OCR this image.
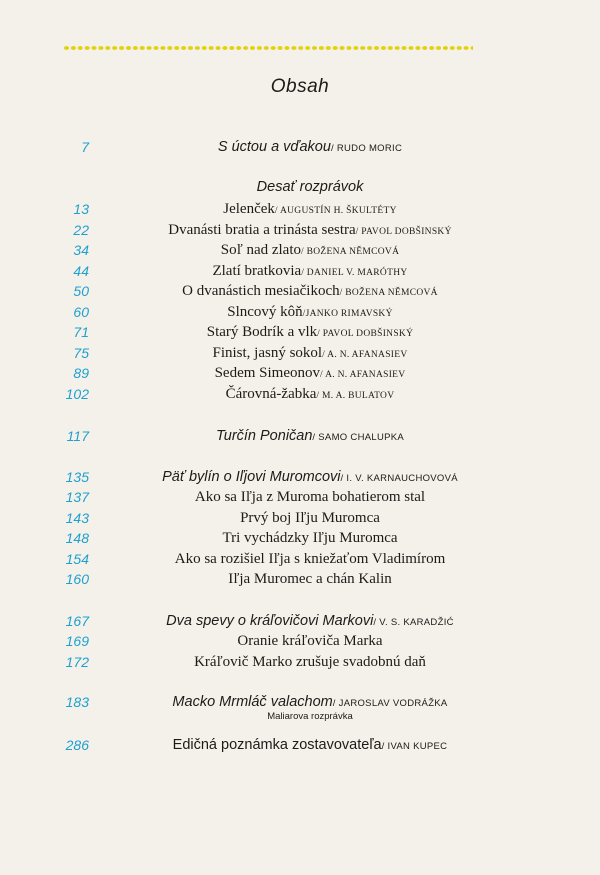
Obsah
7	S úctou a vďakou/ RUDO MORIC
Desať rozprávok
13	Jelenček/ AUGUSTÍN H. ŠKULTÉTY
22	Dvanásti bratia a trinásta sestra/ PAVOL DOBŠINSKÝ
34	Soľ nad zlato/ BOŽENA NĚMCOVÁ
44	Zlatí bratkovia/ DANIEL V. MARÓTHY
50	O dvanástich mesiačikoch/ BOŽENA NĚMCOVÁ
60	Slncový kôň/JANKO RIMAVSKÝ
71	Starý Bodrík a vlk/ PAVOL DOBŠINSKÝ
75	Finist, jasný sokol/ A. N. AFANASIEV
89	Sedem Simeonov/ A. N. AFANASIEV
102	Čárovná-žabka/ M. A. BULATOV
117	Turčín Poničan/ SAMO CHALUPKA
135	Päť bylín o Iľjovi Muromcovi/ I. V. KARNAUCHOVOVÁ
137	Ako sa Iľja z Muroma bohatierom stal
143	Prvý boj Iľju Muromca
148	Tri vychádzky Iľju Muromca
154	Ako sa rozišiel Iľja s kniežaťom Vladimírom
160	Iľja Muromec a chán Kalin
167	Dva spevy o kráľovičovi Markovi/ V. S. KARADŽIĆ
169	Oranie kráľoviča Marka
172	Kráľovič Marko zrušuje svadobnú daň
183	Macko Mrmláč valachom/ JAROSLAV VODRÁŽKA
Maliarova rozprávka
286	Edičná poznámka zostavovateľa/ IVAN KUPEC
